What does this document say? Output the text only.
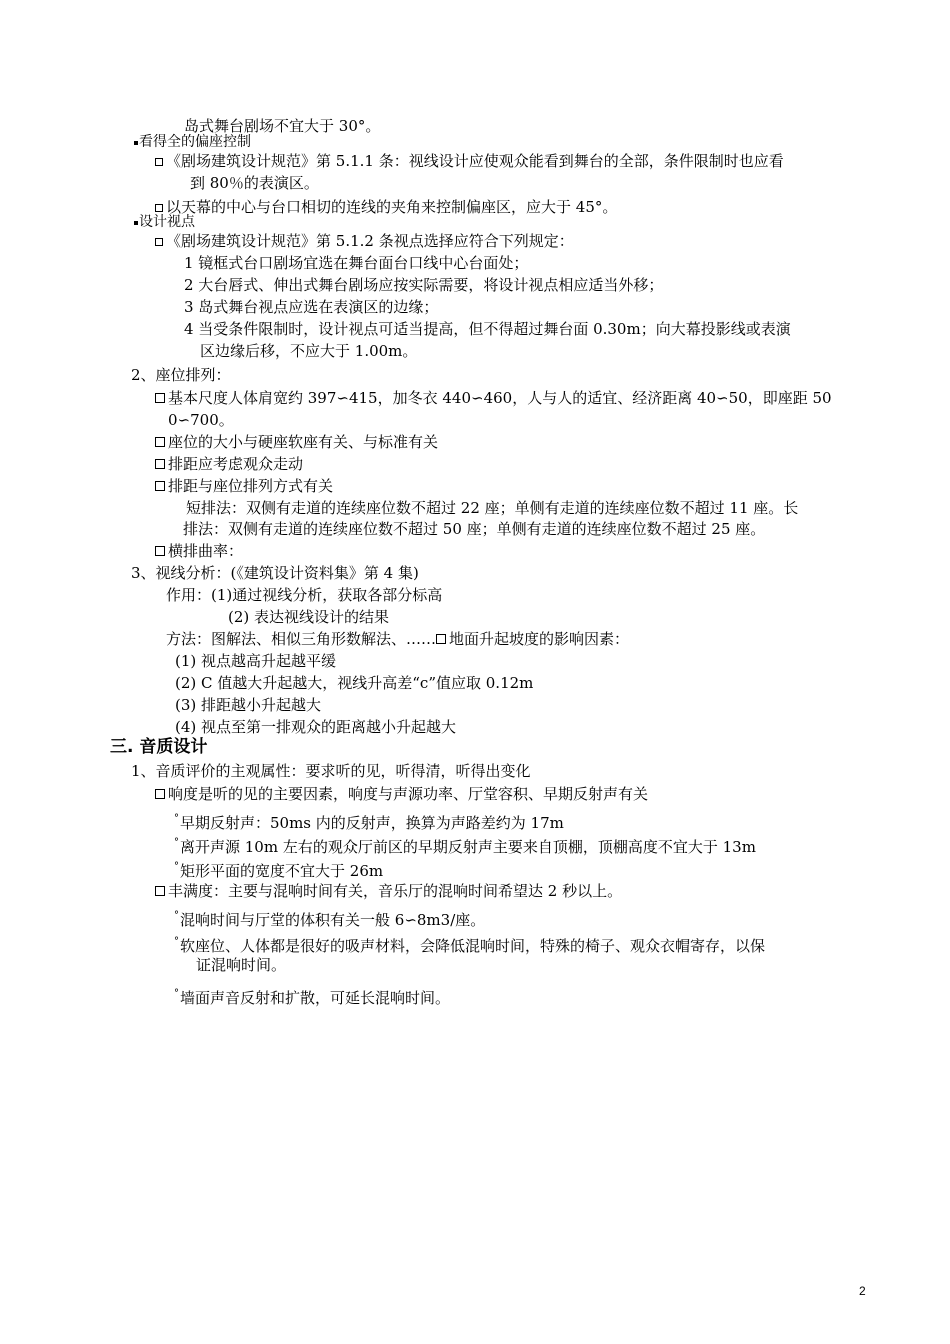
岛式舞台剧场不宜大于 30°。
看得全的偏座控制
《剧场建筑设计规范》第 5.1.1 条：视线设计应使观众能看到舞台的全部，条件限制时也应看
到 80％的表演区。
以天幕的中心与台口相切的连线的夹角来控制偏座区，应大于 45°。
设计视点
《剧场建筑设计规范》第 5.1.2 条视点选择应符合下列规定：
1 镜框式台口剧场宜选在舞台面台口线中心台面处；
2 大台唇式、伸出式舞台剧场应按实际需要，将设计视点相应适当外移；
3 岛式舞台视点应选在表演区的边缘；
4 当受条件限制时，设计视点可适当提高，但不得超过舞台面 0.30m；向大幕投影线或表演
区边缘后移，不应大于 1.00m。
2、座位排列：
基本尺度人体肩宽约 397∽415，加冬衣 440∽460，人与人的适宜、经济距离 40∽50，即座距 50
0∽700。
座位的大小与硬座软座有关、与标准有关
排距应考虑观众走动
排距与座位排列方式有关
短排法：双侧有走道的连续座位数不超过 22 座；单侧有走道的连续座位数不超过 11 座。长
排法：双侧有走道的连续座位数不超过 50 座；单侧有走道的连续座位数不超过 25 座。
横排曲率：
3、视线分析：(《建筑设计资料集》第 4 集)
作用：(1)通过视线分析，获取各部分标高
(2) 表达视线设计的结果
方法：图解法、相似三角形数解法、…… 地面升起坡度的影响因素：
(1) 视点越高升起越平缓
(2) C 值越大升起越大，视线升高差“c”值应取 0.12m
(3) 排距越小升起越大
(4) 视点至第一排观众的距离越小升起越大
三. 音质设计
1、音质评价的主观属性：要求听的见，听得清，听得出变化
响度是听的见的主要因素，响度与声源功率、厅堂容积、早期反射声有关
°早期反射声：50ms 内的反射声，换算为声路差约为 17m
°离开声源 10m 左右的观众厅前区的早期反射声主要来自顶棚，顶棚高度不宜大于 13m
°矩形平面的宽度不宜大于 26m
丰满度：主要与混响时间有关，音乐厅的混响时间希望达 2 秒以上。
°混响时间与厅堂的体积有关一般 6∽8m3/座。
°软座位、人体都是很好的吸声材料，会降低混响时间，特殊的椅子、观众衣帽寄存，以保
证混响时间。
°墙面声音反射和扩散，可延长混响时间。
2
